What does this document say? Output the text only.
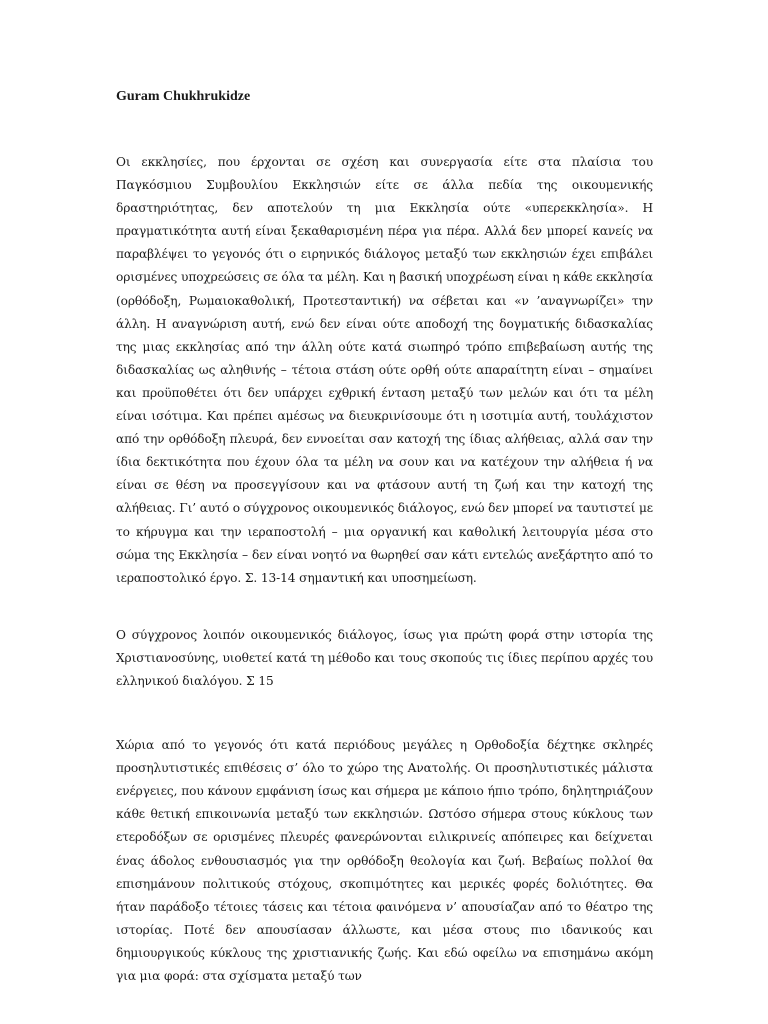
Guram Chukhrukidze

Οι εκκλησίες, που έρχονται σε σχέση και συνεργασία είτε στα πλαίσια του Παγκόσμιου Συμβουλίου Εκκλησιών είτε σε άλλα πεδία της οικουμενικής δραστηριότητας, δεν αποτελούν τη μια Εκκλησία ούτε «υπερεκκλησία». Η πραγματικότητα αυτή είναι ξεκαθαρισμένη πέρα για πέρα. Αλλά δεν μπορεί κανείς να παραβλέψει το γεγονός ότι ο ειρηνικός διάλογος μεταξύ των εκκλησιών έχει επιβάλει ορισμένες υποχρεώσεις σε όλα τα μέλη. Και η βασική υποχρέωση είναι η κάθε εκκλησία (ορθόδοξη, Ρωμαιοκαθολική, Προτεσταντική) να σέβεται και «ν ’αναγνωρίζει» την άλλη. Η αναγνώριση αυτή, ενώ δεν είναι ούτε αποδοχή της δογματικής διδασκαλίας της μιας εκκλησίας από την άλλη ούτε κατά σιωπηρό τρόπο επιβεβαίωση αυτής της διδασκαλίας ως αληθινής – τέτοια στάση ούτε ορθή ούτε απαραίτητη είναι – σημαίνει και προϋποθέτει ότι δεν υπάρχει εχθρική ένταση μεταξύ των μελών και ότι τα μέλη είναι ισότιμα. Και πρέπει αμέσως να διευκρινίσουμε ότι η ισοτιμία αυτή, τουλάχιστον από την ορθόδοξη πλευρά, δεν εννοείται σαν κατοχή της ίδιας αλήθειας, αλλά σαν την ίδια δεκτικότητα που έχουν όλα τα μέλη να σουν και να κατέχουν την αλήθεια ή να είναι σε θέση να προσεγγίσουν και να φτάσουν αυτή τη ζωή και την κατοχή της αλήθειας. Γι’ αυτό ο σύγχρονος οικουμενικός διάλογος, ενώ δεν μπορεί να ταυτιστεί με το κήρυγμα και την ιεραποστολή – μια οργανική και καθολική λειτουργία μέσα στο σώμα της Εκκλησία – δεν είναι νοητό να θωρηθεί σαν κάτι εντελώς ανεξάρτητο από το ιεραποστολικό έργο. Σ. 13-14 σημαντική και υποσημείωση.

Ο σύγχρονος λοιπόν οικουμενικός διάλογος, ίσως για πρώτη φορά στην ιστορία της Χριστιανοσύνης, υιοθετεί κατά τη μέθοδο και τους σκοπούς τις ίδιες περίπου αρχές του ελληνικού διαλόγου. Σ 15

Χώρια από το γεγονός ότι κατά περιόδους μεγάλες η Ορθοδοξία δέχτηκε σκληρές προσηλυτιστικές επιθέσεις σ’ όλο το χώρο της Ανατολής. Οι προσηλυτιστικές μάλιστα ενέργειες, που κάνουν εμφάνιση ίσως και σήμερα με κάποιο ήπιο τρόπο, δηλητηριάζουν κάθε θετική επικοινωνία μεταξύ των εκκλησιών. Ωστόσο σήμερα στους κύκλους των ετεροδόξων σε ορισμένες πλευρές φανερώνονται ειλικρινείς απόπειρες και δείχνεται ένας άδολος ενθουσιασμός για την ορθόδοξη θεολογία και ζωή. Βεβαίως πολλοί θα επισημάνουν πολιτικούς στόχους, σκοπιμότητες και μερικές φορές δολιότητες. Θα ήταν παράδοξο τέτοιες τάσεις και τέτοια φαινόμενα ν’ απουσίαζαν από το θέατρο της ιστορίας. Ποτέ δεν απουσίασαν άλλωστε, και μέσα στους πιο ιδανικούς και δημιουργικούς κύκλους της χριστιανικής ζωής. Και εδώ οφείλω να επισημάνω ακόμη για μια φορά: στα σχίσματα μεταξύ των
